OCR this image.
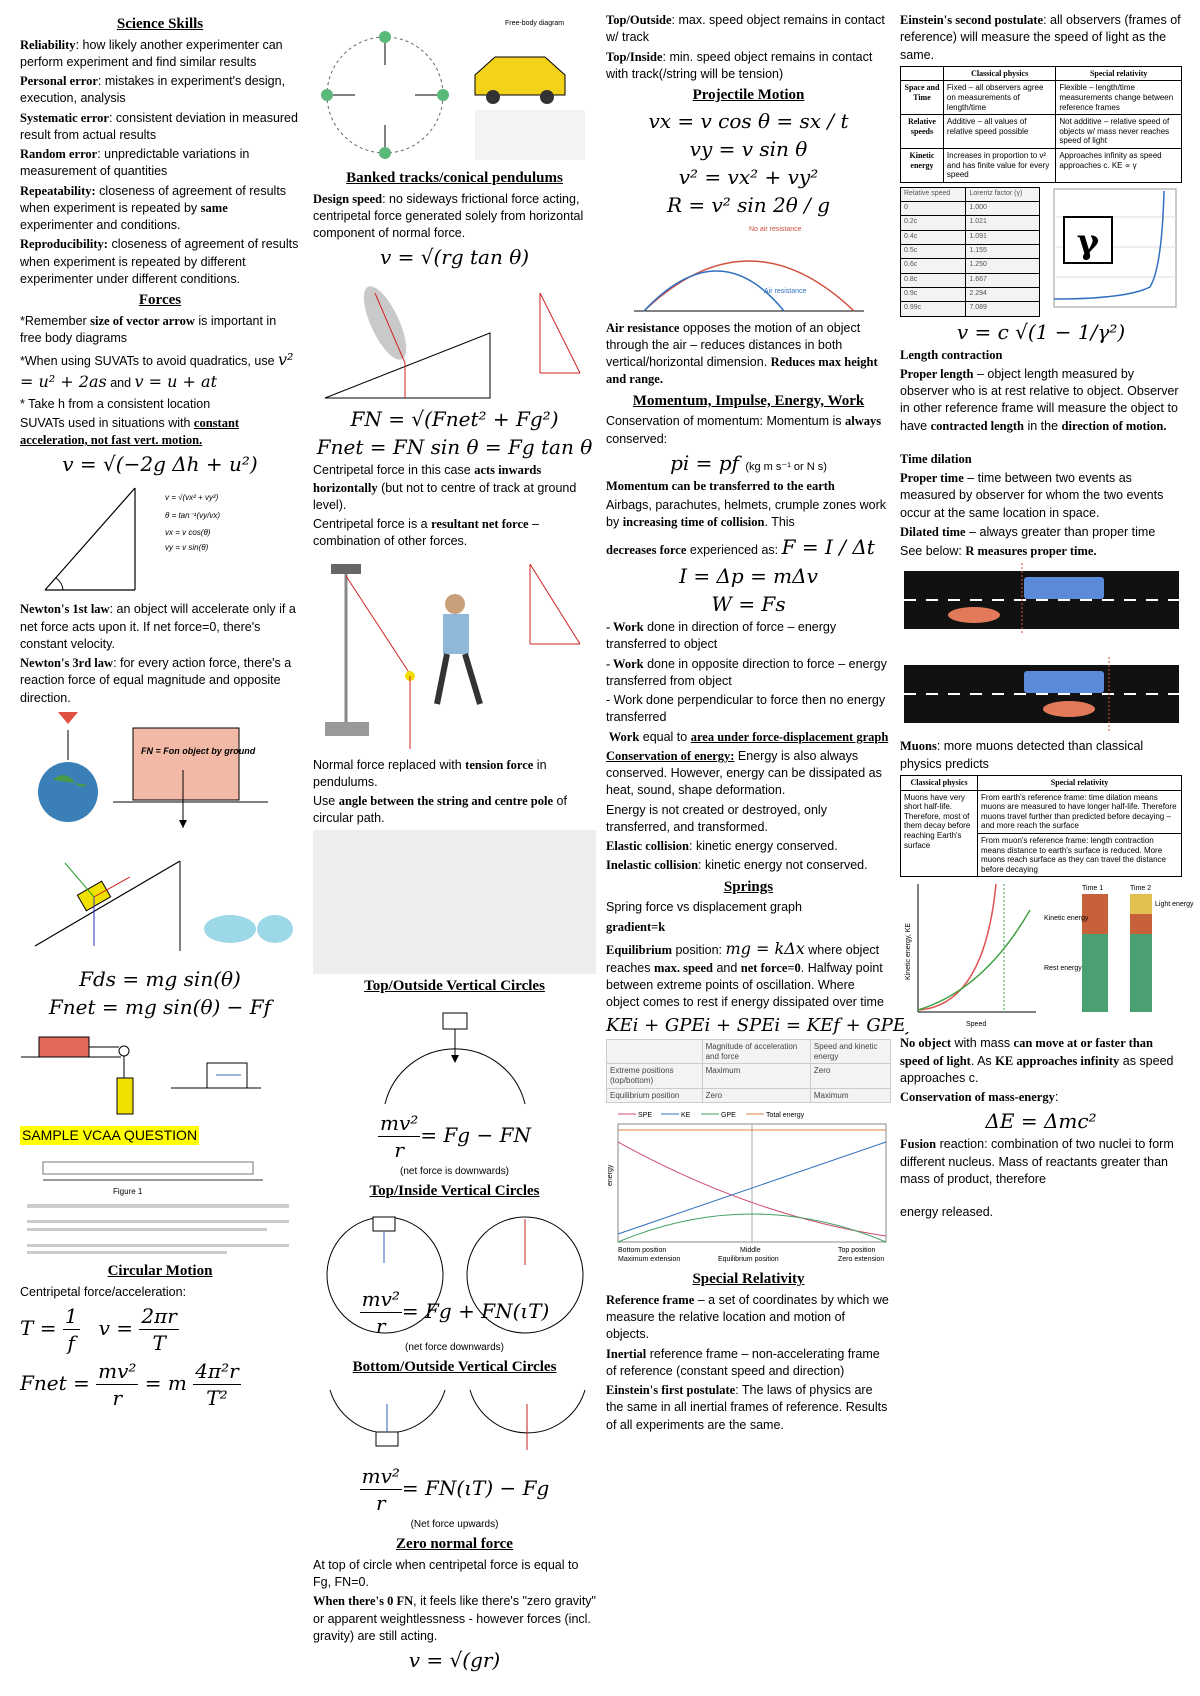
Science Skills

Reliability: how likely another experimenter can perform experiment and find similar results

Personal error: mistakes in experiment's design, execution, analysis

Systematic error: consistent deviation in measured result from actual results

Random error: unpredictable variations in measurement of quantities

Repeatability: closeness of agreement of results when experiment is repeated by same experimenter and conditions.

Reproducibility: closeness of agreement of results when experiment is repeated by different experimenter under different conditions.

Forces

*Remember size of vector arrow is important in free body diagrams

*When using SUVATs to avoid quadratics, use v² = u² + 2as and v = u + at

* Take h from a consistent location

SUVATs used in situations with constant acceleration, not fast vert. motion.

v = √(−2g Δh + u²)
v = √(vx² + vy²)
θ = tan⁻¹(vy/vx)
vx = v cos(θ)
vy = v sin(θ)

Newton's 1st law: an object will accelerate only if a net force acts upon it. If net force=0, there's constant velocity.

Newton's 3rd law: for every action force, there's a reaction force of equal magnitude and opposite direction.

FN = Fon object by ground
Fds = mg sin(θ)
Fnet = mg sin(θ) − Ff
SAMPLE VCAA QUESTION
Figure 1
Circular Motion

Centripetal force/acceleration:

$T = \frac{1}{f}$ $v = \frac{2\pi r}{T}$
Fnet = $\frac{\text{mv²}}{r} = m \frac{\text{4π²r}}{\text{T²}}$
Free-body diagram
Banked tracks/conical pendulums

Design speed: no sideways frictional force acting, centripetal force generated solely from horizontal component of normal force.

v = √(rg tan θ)
FN = √(Fnet² + Fg²)
Fnet = FN sin θ = Fg tan θ

Centripetal force in this case acts inwards horizontally (but not to centre of track at ground level).

Centripetal force is a resultant net force – combination of other forces.

Normal force replaced with tension force in pendulums.

Use angle between the string and centre pole of circular path.

Top/Outside Vertical Circles
$\frac{\text{mv²}}{r} = Fg$ − FN
(net force is downwards)
Top/Inside Vertical Circles
$\frac{\text{mv²}}{r} = Fg + FN(\iota T)$
(net force downwards)
Bottom/Outside Vertical Circles
$\frac{\text{mv²}}{r} = FN(\iota T) - Fg$
(Net force upwards)
Zero normal force

At top of circle when centripetal force is equal to Fg, FN=0.

When there's 0 FN, it feels like there's "zero gravity" or apparent weightlessness - however forces (incl. gravity) are still acting.

v = √(gr)

Top/Outside: max. speed object remains in contact w/ track

Top/Inside: min. speed object remains in contact with track(/string will be tension)

Projectile Motion
vx = v cos θ = sx / t
vy = v sin θ
v² = vx² + vy²
R = v² sin 2θ / g
No air resistance
Air resistance

Air resistance opposes the motion of an object through the air – reduces distances in both vertical/horizontal dimension. Reduces max height and range.

Momentum, Impulse, Energy, Work

Conservation of momentum: Momentum is always conserved:

pi = pf (kg m s⁻¹ or N s)

Momentum can be transferred to the earth

Airbags, parachutes, helmets, crumple zones work by increasing time of collision. This

decreases force experienced as: F = I / Δt

I = Δp = mΔv
W = Fs

- Work done in direction of force – energy transferred to object

- Work done in opposite direction to force – energy transferred from object

- Work done perpendicular to force then no energy transferred

Work equal to area under force-displacement graph

Conservation of energy: Energy is also always conserved. However, energy can be dissipated as heat, sound, shape deformation.

Energy is not created or destroyed, only transferred, and transformed.

Elastic collision: kinetic energy conserved.

Inelastic collision: kinetic energy not conserved.

Springs

Spring force vs displacement graph

gradient=k

Equilibrium position: mg = kΔx where object reaches max. speed and net force=0. Halfway point between extreme points of oscillation. Where object comes to rest if energy dissipated over time

KEi + GPEi + SPEi = KEf + GPEf
	Magnitude of acceleration and force	Speed and kinetic energy
Extreme positions (top/bottom)	Maximum	Zero
Equilibrium position	Zero	Maximum
SPE	KE	GPE	Total energy
energy
Bottom position
Maximum extension
Middle
Equilibrium position
Top position
Zero extension
Special Relativity

Reference frame – a set of coordinates by which we measure the relative location and motion of objects.

Inertial reference frame – non-accelerating frame of reference (constant speed and direction)

Einstein's first postulate: The laws of physics are the same in all inertial frames of reference. Results of all experiments are the same.

Einstein's second postulate: all observers (frames of reference) will measure the speed of light as the same.

	Classical physics	Special relativity
Space and Time	Fixed – all observers agree on measurements of length/time	Flexible – length/time measurements change between reference frames
Relative speeds	Additive – all values of relative speed possible	Not additive – relative speed of objects w/ mass never reaches speed of light
Kinetic energy	Increases in proportion to v² and has finite value for every speed	Approaches infinity as speed approaches c. KE ∝ γ
Relative speed	Lorentz factor (γ)
0	1.000
0.2c	1.021
0.4c	1.091
0.5c	1.155
0.6c	1.250
0.8c	1.667
0.9c	2.294
0.99c	7.089
γ
v = c √(1 − 1/γ²)

Length contraction

Proper length – object length measured by observer who is at rest relative to object. Observer in other reference frame will measure the object to have contracted length in the direction of motion.

Time dilation

Proper time – time between two events as measured by observer for whom the two events occur at the same location in space.

Dilated time – always greater than proper time

See below: R measures proper time.

Muons: more muons detected than classical physics predicts

Classical physics	Special relativity
Muons have very short half-life. Therefore, most of them decay before reaching Earth's surface	From earth's reference frame: time dilation means muons are measured to have longer half-life. Therefore muons travel further than predicted before decaying – and more reach the surface
	From muon's reference frame: length contraction means distance to earth's surface is reduced. More muons reach surface as they can travel the distance before decaying
Kinetic energy, KE
Speed
Time 1	Time 2
Light energy
Kinetic energy
Rest energy

No object with mass can move at or faster than speed of light. As KE approaches infinity as speed approaches c.

Conservation of mass-energy:

ΔE = Δmc²

Fusion reaction: combination of two nuclei to form different nucleus. Mass of reactants greater than mass of product, therefore

energy released.
